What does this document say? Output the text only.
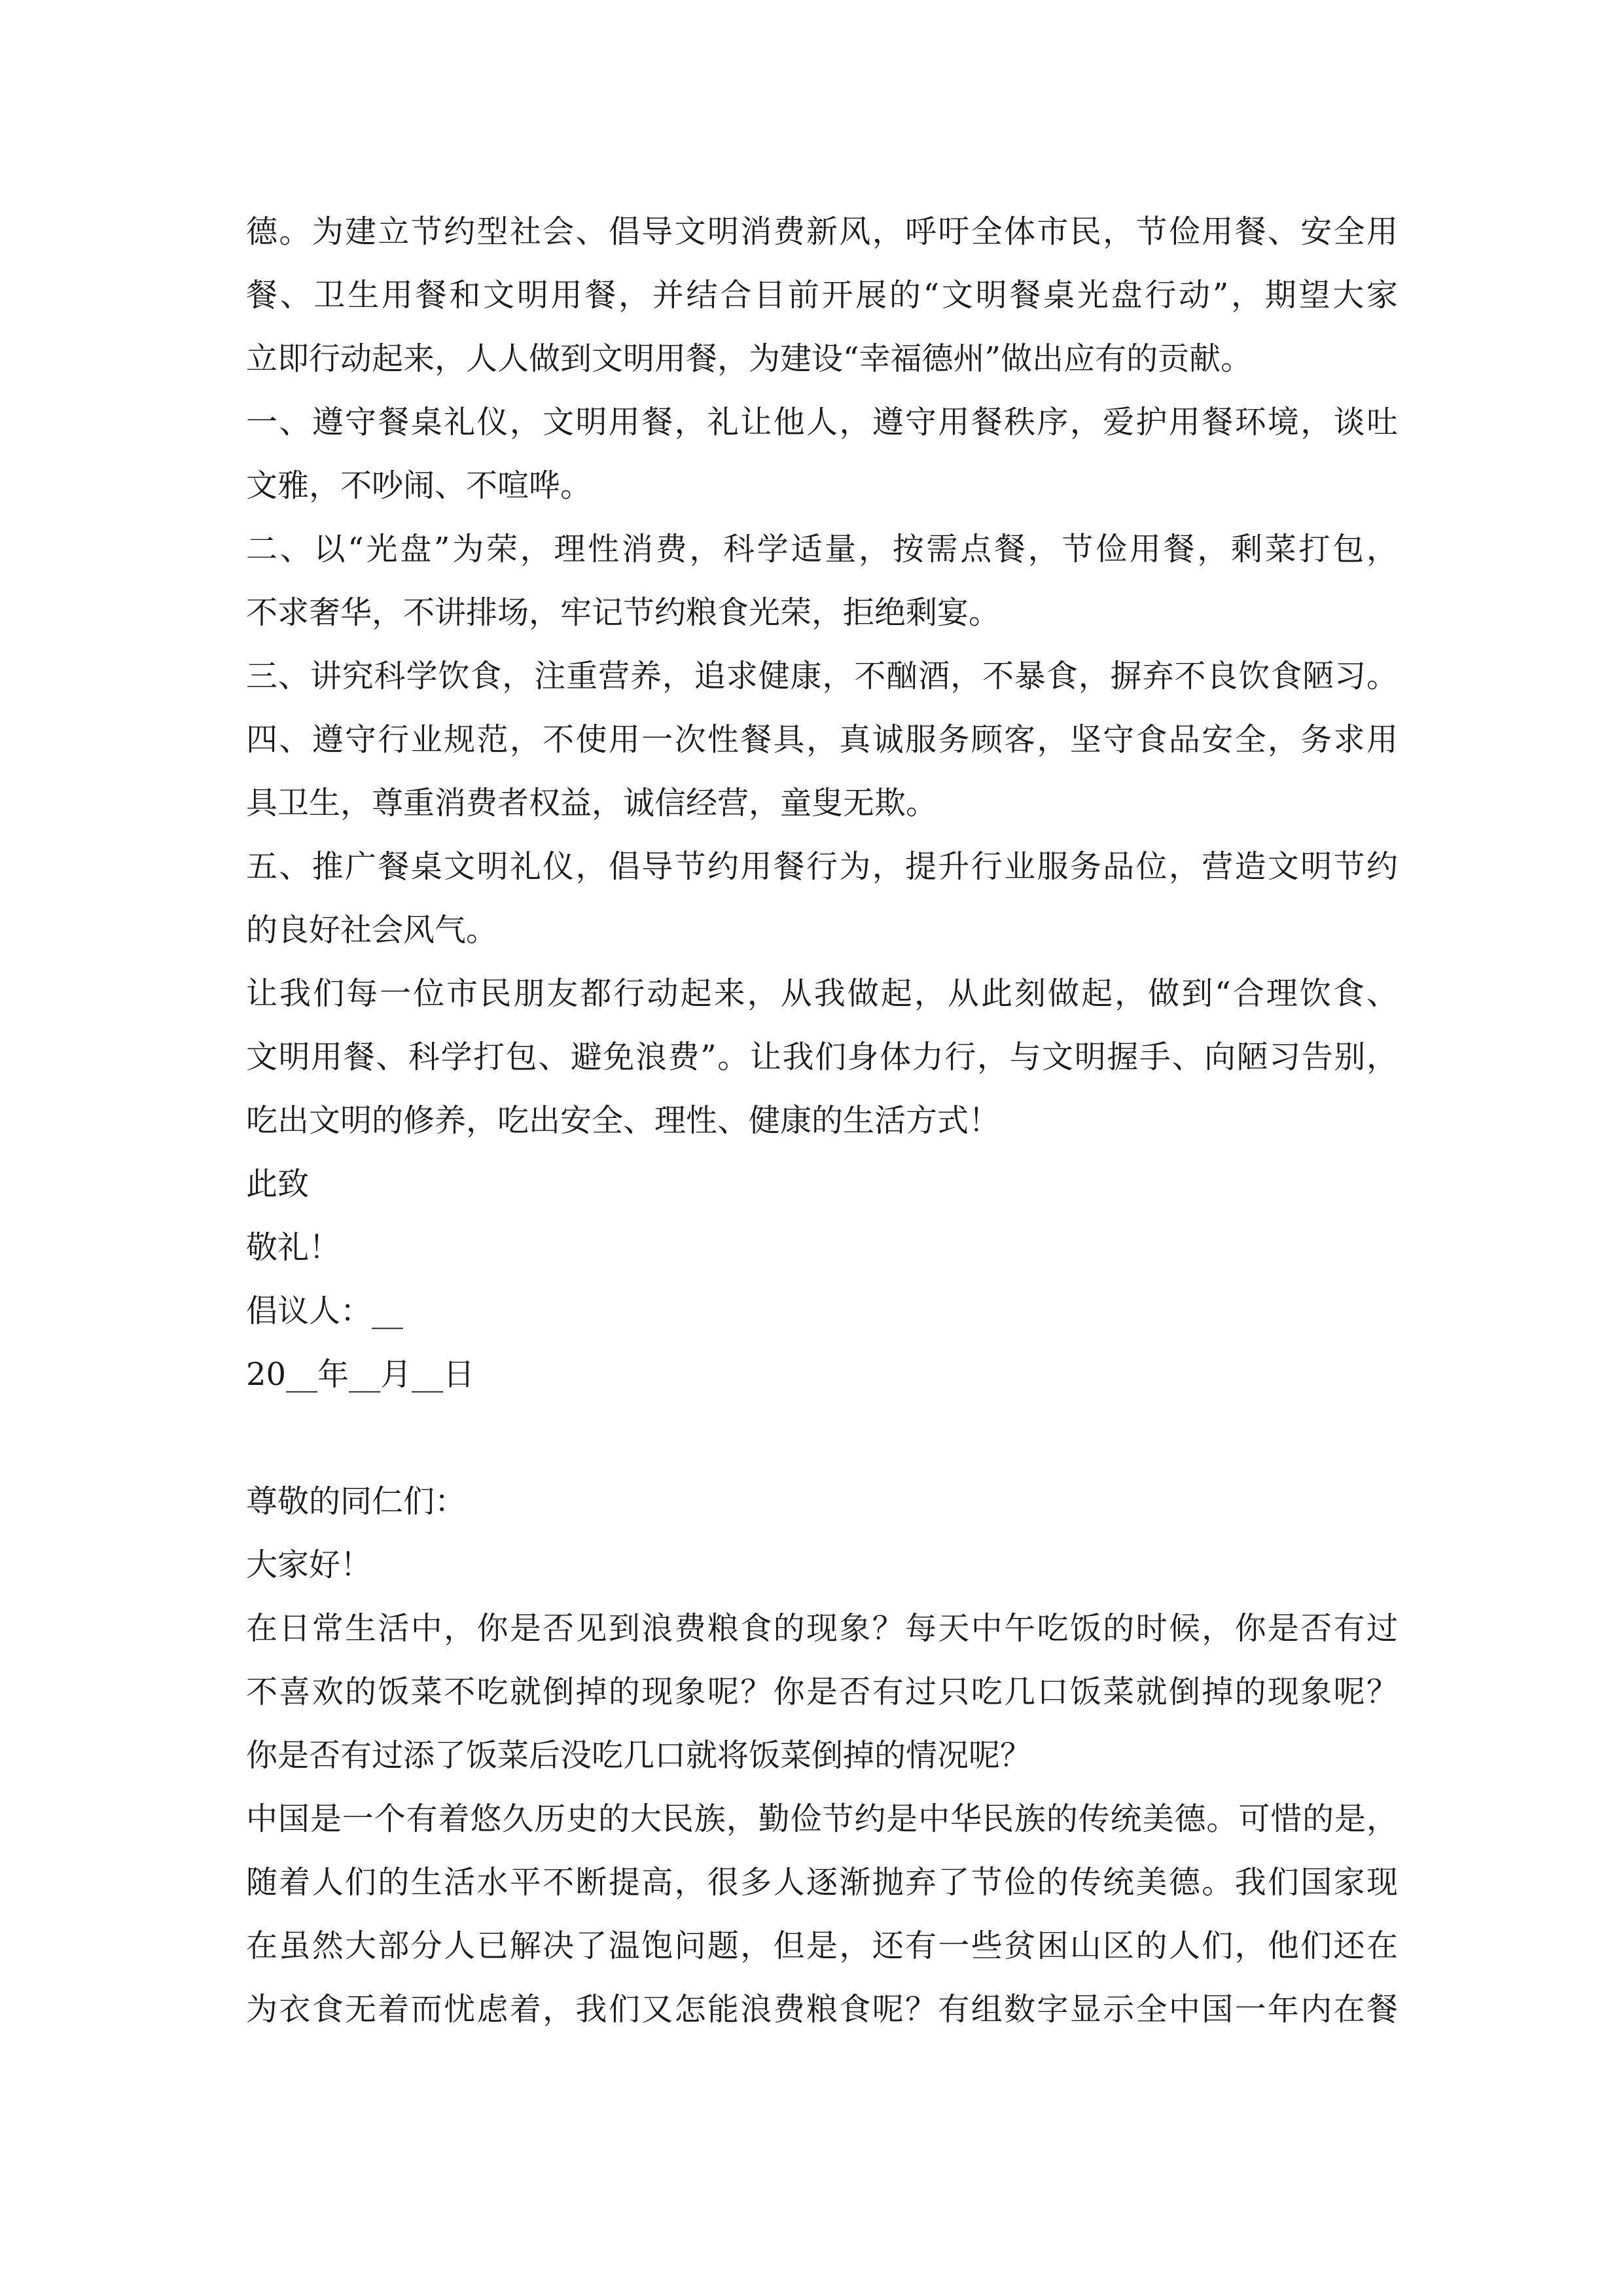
德。为建立节约型社会、倡导文明消费新风，呼吁全体市民，节俭用餐、安全用
餐、卫生用餐和文明用餐，并结合目前开展的“文明餐桌光盘行动”，期望大家
立即行动起来，人人做到文明用餐，为建设“幸福德州”做出应有的贡献。
一、遵守餐桌礼仪，文明用餐，礼让他人，遵守用餐秩序，爱护用餐环境，谈吐
文雅，不吵闹、不喧哗。
二、以“光盘”为荣，理性消费，科学适量，按需点餐，节俭用餐，剩菜打包，
不求奢华，不讲排场，牢记节约粮食光荣，拒绝剩宴。
三、讲究科学饮食，注重营养，追求健康，不酗酒，不暴食，摒弃不良饮食陋习。
四、遵守行业规范，不使用一次性餐具，真诚服务顾客，坚守食品安全，务求用
具卫生，尊重消费者权益，诚信经营，童叟无欺。
五、推广餐桌文明礼仪，倡导节约用餐行为，提升行业服务品位，营造文明节约
的良好社会风气。
让我们每一位市民朋友都行动起来，从我做起，从此刻做起，做到“合理饮食、
文明用餐、科学打包、避免浪费”。让我们身体力行，与文明握手、向陋习告别，
吃出文明的修养，吃出安全、理性、健康的生活方式！
此致
敬礼！
倡议人：__
20__年__月__日
尊敬的同仁们：
大家好！
在日常生活中，你是否见到浪费粮食的现象？每天中午吃饭的时候，你是否有过
不喜欢的饭菜不吃就倒掉的现象呢？你是否有过只吃几口饭菜就倒掉的现象呢？
你是否有过添了饭菜后没吃几口就将饭菜倒掉的情况呢？
中国是一个有着悠久历史的大民族，勤俭节约是中华民族的传统美德。可惜的是，
随着人们的生活水平不断提高，很多人逐渐抛弃了节俭的传统美德。我们国家现
在虽然大部分人已解决了温饱问题，但是，还有一些贫困山区的人们，他们还在
为衣食无着而忧虑着，我们又怎能浪费粮食呢？有组数字显示全中国一年内在餐
